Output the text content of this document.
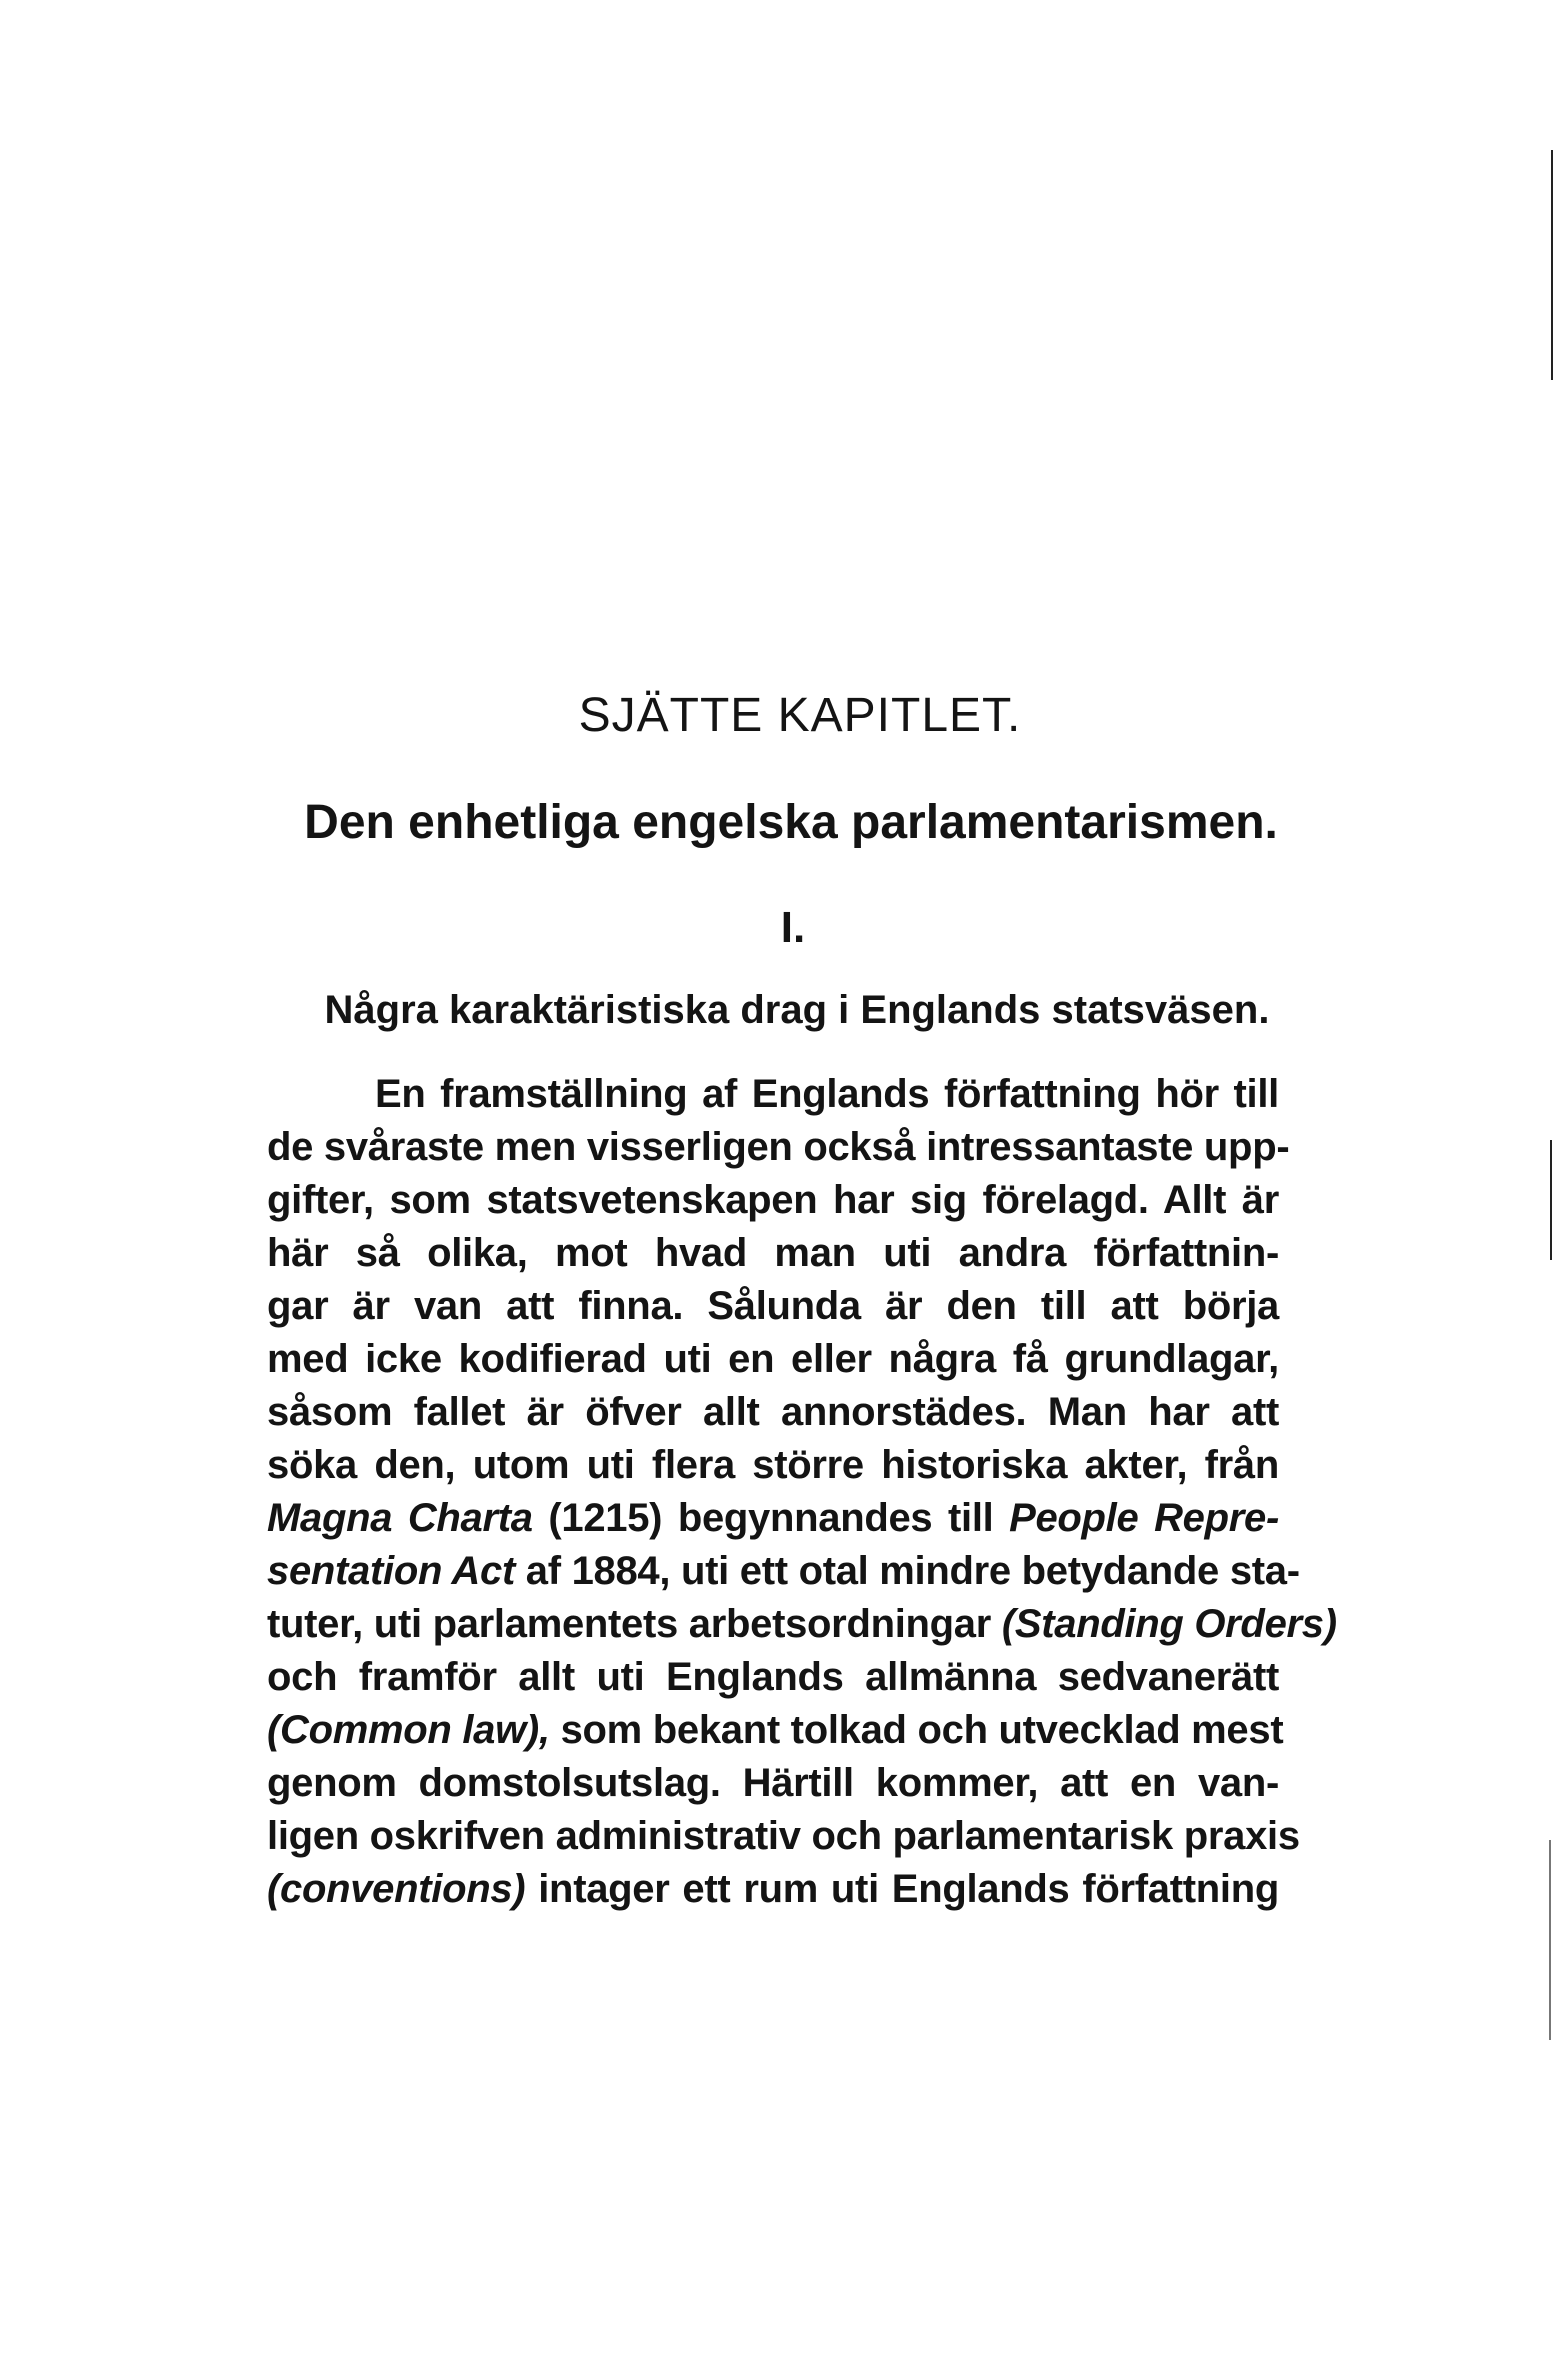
SJÄTTE KAPITLET.
Den enhetliga engelska parlamentarismen.
I.
Några karaktäristiska drag i Englands statsväsen.
En framställning af Englands författning hör till
de svåraste men visserligen också intressantaste upp-
gifter, som statsvetenskapen har sig förelagd. Allt är
här så olika, mot hvad man uti andra författnin-
gar är van att finna. Sålunda är den till att börja
med icke kodifierad uti en eller några få grundlagar,
såsom fallet är öfver allt annorstädes. Man har att
söka den, utom uti flera större historiska akter, från
Magna Charta (1215) begynnandes till People Repre-
sentation Act af 1884, uti ett otal mindre betydande sta-
tuter, uti parlamentets arbetsordningar (Standing Orders)
och framför allt uti Englands allmänna sedvanerätt
(Common law), som bekant tolkad och utvecklad mest
genom domstolsutslag. Härtill kommer, att en van-
ligen oskrifven administrativ och parlamentarisk praxis
(conventions) intager ett rum uti Englands författning
